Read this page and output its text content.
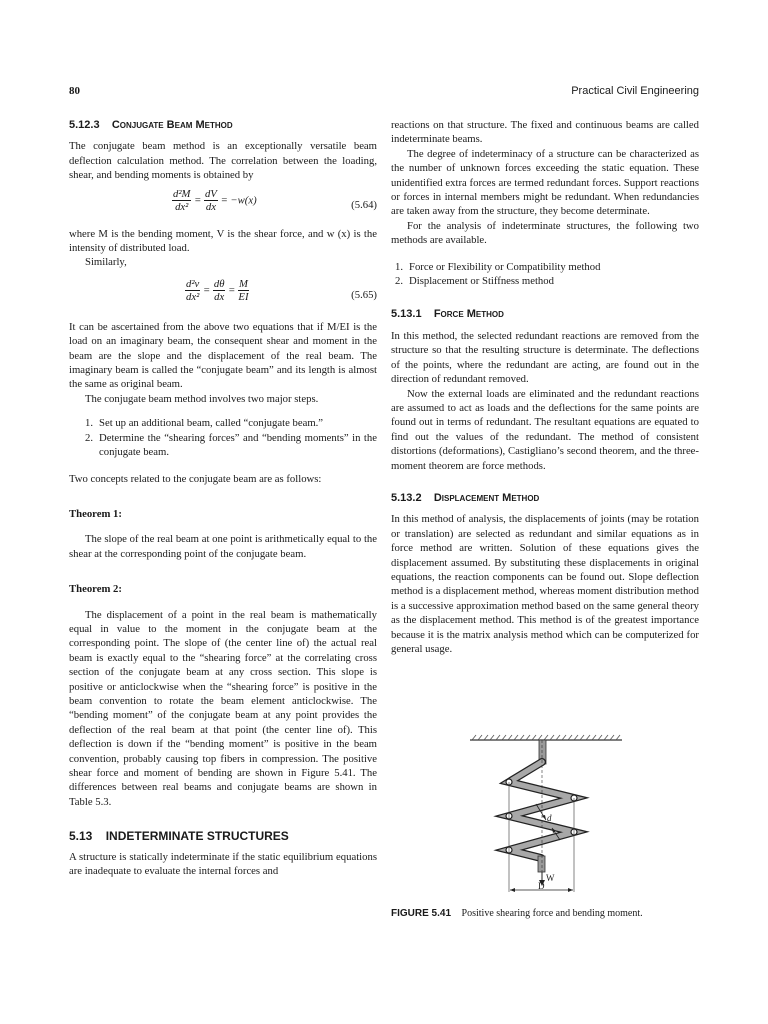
80	Practical Civil Engineering

5.12.3 Conjugate Beam Method

The conjugate beam method is an exceptionally versatile beam deflection calculation method. The correlation between the loading, shear, and bending moments is obtained by

$\frac{\text{d²M}}{\text{dx²}} = \frac{dV}{dx} = -w(x)$	(5.64)

where M is the bending moment, V is the shear force, and w (x) is the intensity of distributed load.

Similarly,

$\frac{\text{d²v}}{\text{dx²}} = \frac{d\theta}{dx} = \frac{M}{EI}$	(5.65)

It can be ascertained from the above two equations that if M/EI is the load on an imaginary beam, the consequent shear and moment in the beam are the slope and the displacement of the real beam. The imaginary beam is called the “conjugate beam” and its length is almost the same as original beam.

The conjugate beam method involves two major steps.

1. Set up an additional beam, called “conjugate beam.”
2. Determine the “shearing forces” and “bending moments” in the conjugate beam.

Two concepts related to the conjugate beam are as follows:

Theorem 1:

The slope of the real beam at one point is arithmetically equal to the shear at the corresponding point of the conjugate beam.

Theorem 2:

The displacement of a point in the real beam is mathematically equal in value to the moment in the conjugate beam at the corresponding point. The slope of (the center line of) the actual real beam is exactly equal to the “shearing force” at the correlating cross section of the conjugate beam at any cross section. This slope is positive or anticlockwise when the “shearing force” is positive in the beam convention to rotate the beam element anticlockwise. The “bending moment” of the conjugate beam at any point provides the deflection of the real beam at that point (the center line of). This deflection is down if the “bending moment” is positive in the beam convention, probably causing top fibers in compression. The positive shear force and moment of bending are shown in Figure 5.41. The differences between real beams and conjugate beams are shown in Table 5.3.

5.13 INDETERMINATE STRUCTURES

A structure is statically indeterminate if the static equilibrium equations are inadequate to evaluate the internal forces and

reactions on that structure. The fixed and continuous beams are called indeterminate beams.

The degree of indeterminacy of a structure can be characterized as the number of unknown forces exceeding the static equation. These unidentified extra forces are termed redundant forces. Support reactions or forces in internal members might be redundant. When redundancies are taken away from the structure, they become determinate.

For the analysis of indeterminate structures, the following two methods are available.

1. Force or Flexibility or Compatibility method
2. Displacement or Stiffness method

5.13.1 Force Method

In this method, the selected redundant reactions are removed from the structure so that the resulting structure is determinate. The deflections of the points, where the redundant are acting, are found out in the direction of redundant removed.

Now the external loads are eliminated and the redundant reactions are assumed to act as loads and the deflections for the same points are found out in terms of redundant. The resultant equations are equated to find out the values of the redundant. The method of consistent distortions (deformations), Castigliano’s second theorem, and the three-moment theorem are force methods.

5.13.2 Displacement Method

In this method of analysis, the displacements of joints (may be rotation or translation) are selected as redundant and similar equations as in force method are written. Solution of these equations gives the displacement assumed. By substituting these displacements in original equations, the reaction components can be found out. Slope deflection method is a displacement method, whereas moment distribution method is a successive approximation method based on the same general theory as the displacement method. This method is of the greatest importance because it is the matrix analysis method which can be computerized for general usage.

d
W
D
FIGURE 5.41 Positive shearing force and bending moment.
